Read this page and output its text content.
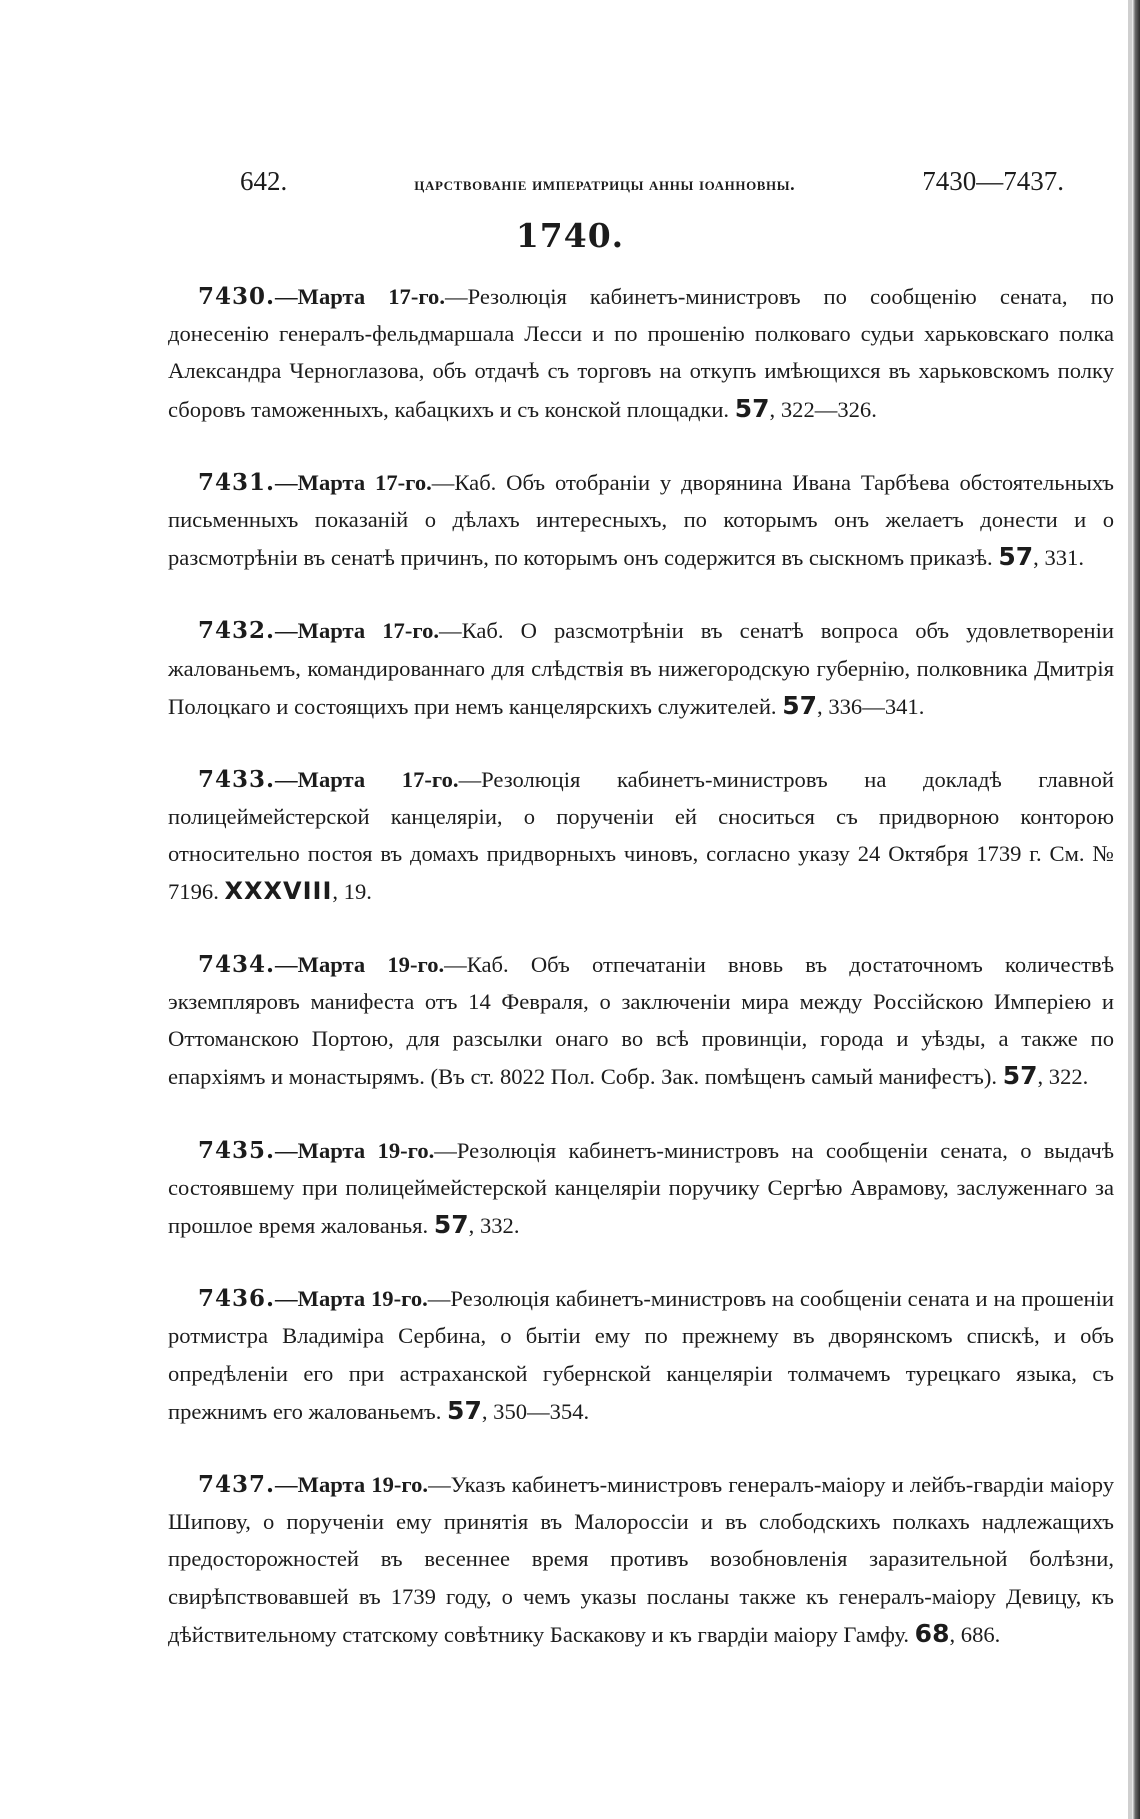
642.	царствованіе императрицы анны іоанновны.	7430—7437.
1740.

7430.—Марта 17-го.—Резолюція кабинетъ-министровъ по сообщенію сената, по донесенію генералъ-фельдмаршала Лесси и по прошенію полковаго судьи харьковскаго полка Александра Черноглазова, объ отдачѣ съ торговъ на откупъ имѣющихся въ харьковскомъ полку сборовъ таможенныхъ, кабацкихъ и съ конской площадки. 57, 322—326.

7431.—Марта 17-го.—Каб. Объ отобраніи у дворянина Ивана Тарбѣева обстоятельныхъ письменныхъ показаній о дѣлахъ интересныхъ, по которымъ онъ желаетъ донести и о разсмотрѣніи въ сенатѣ причинъ, по которымъ онъ содержится въ сыскномъ приказѣ. 57, 331.

7432.—Марта 17-го.—Каб. О разсмотрѣніи въ сенатѣ вопроса объ удовлетвореніи жалованьемъ, командированнаго для слѣдствія въ нижегородскую губернію, полковника Дмитрія Полоцкаго и состоящихъ при немъ канцелярскихъ служителей. 57, 336—341.

7433.—Марта 17-го.—Резолюція кабинетъ-министровъ на докладѣ главной полицеймейстерской канцеляріи, о порученіи ей сноситься съ придворною конторою относительно постоя въ домахъ придворныхъ чиновъ, согласно указу 24 Октября 1739 г. См. № 7196. XXXVIII, 19.

7434.—Марта 19-го.—Каб. Объ отпечатаніи вновь въ достаточномъ количествѣ экземпляровъ манифеста отъ 14 Февраля, о заключеніи мира между Россійскою Имперіею и Оттоманскою Портою, для разсылки онаго во всѣ провинціи, города и уѣзды, а также по епархіямъ и монастырямъ. (Въ ст. 8022 Пол. Собр. Зак. помѣщенъ самый манифестъ). 57, 322.

7435.—Марта 19-го.—Резолюція кабинетъ-министровъ на сообщеніи сената, о выдачѣ состоявшему при полицеймейстерской канцеляріи поручику Сергѣю Аврамову, заслуженнаго за прошлое время жалованья. 57, 332.

7436.—Марта 19-го.—Резолюція кабинетъ-министровъ на сообщеніи сената и на прошеніи ротмистра Владиміра Сербина, о бытіи ему по прежнему въ дворянскомъ спискѣ, и объ опредѣленіи его при астраханской губернской канцеляріи толмачемъ турецкаго языка, съ прежнимъ его жалованьемъ. 57, 350—354.

7437.—Марта 19-го.—Указъ кабинетъ-министровъ генералъ-маіору и лейбъ-гвардіи маіору Шипову, о порученіи ему принятія въ Малороссіи и въ слободскихъ полкахъ надлежащихъ предосторожностей въ весеннее время противъ возобновленія заразительной болѣзни, свирѣпствовавшей въ 1739 году, о чемъ указы посланы также къ генералъ-маіору Девицу, къ дѣйствительному статскому совѣтнику Баскакову и къ гвардіи маіору Гамфу. 68, 686.
